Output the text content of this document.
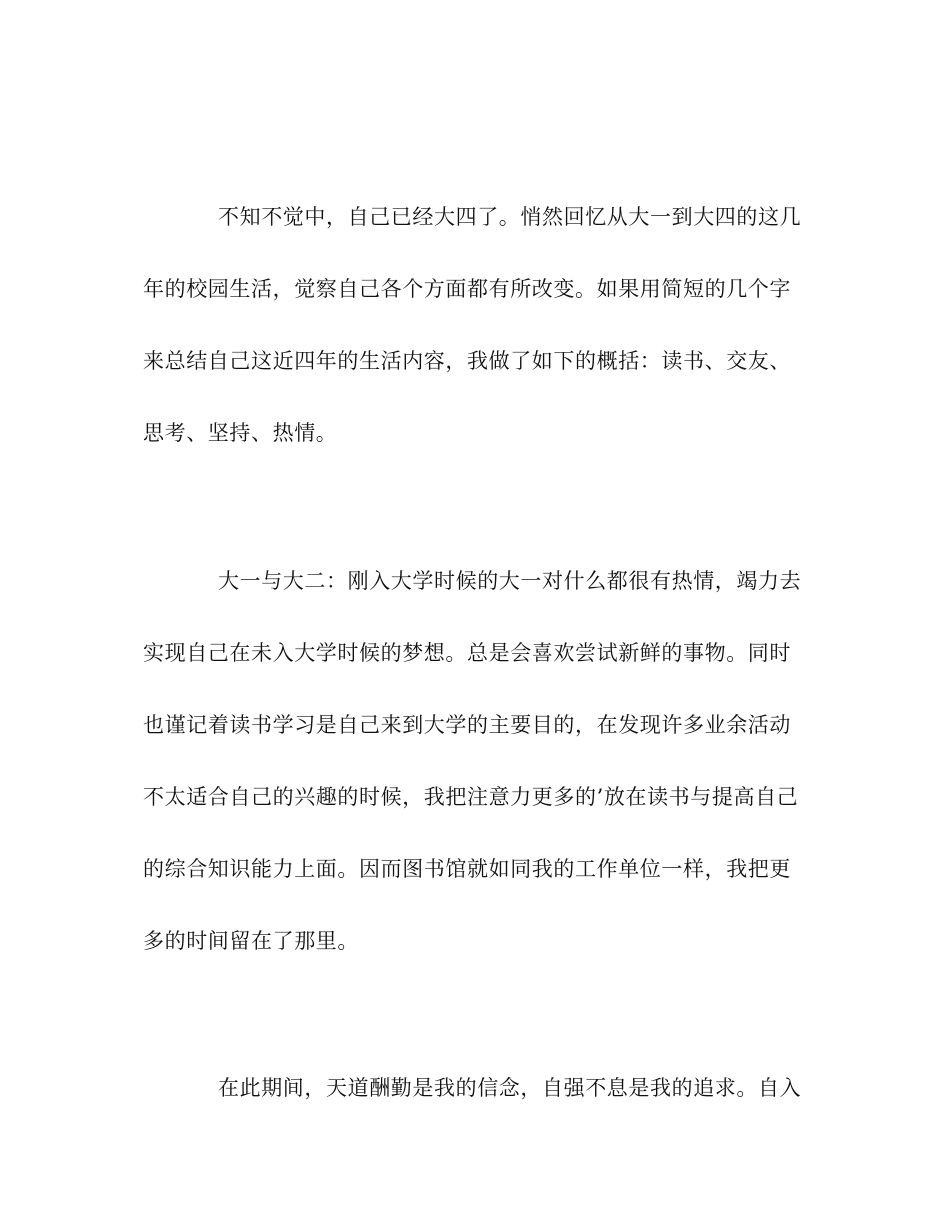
不知不觉中，自己已经大四了。悄然回忆从大一到大四的这几
年的校园生活，觉察自己各个方面都有所改变。如果用简短的几个字
来总结自己这近四年的生活内容，我做了如下的概括：读书、交友、
思考、坚持、热情。
大一与大二：刚入大学时候的大一对什么都很有热情，竭力去
实现自己在未入大学时候的梦想。总是会喜欢尝试新鲜的事物。同时
也谨记着读书学习是自己来到大学的主要目的，在发现许多业余活动
不太适合自己的兴趣的时候，我把注意力更多的’放在读书与提高自己
的综合知识能力上面。因而图书馆就如同我的工作单位一样，我把更
多的时间留在了那里。
在此期间，天道酬勤是我的信念，自强不息是我的追求。自入
